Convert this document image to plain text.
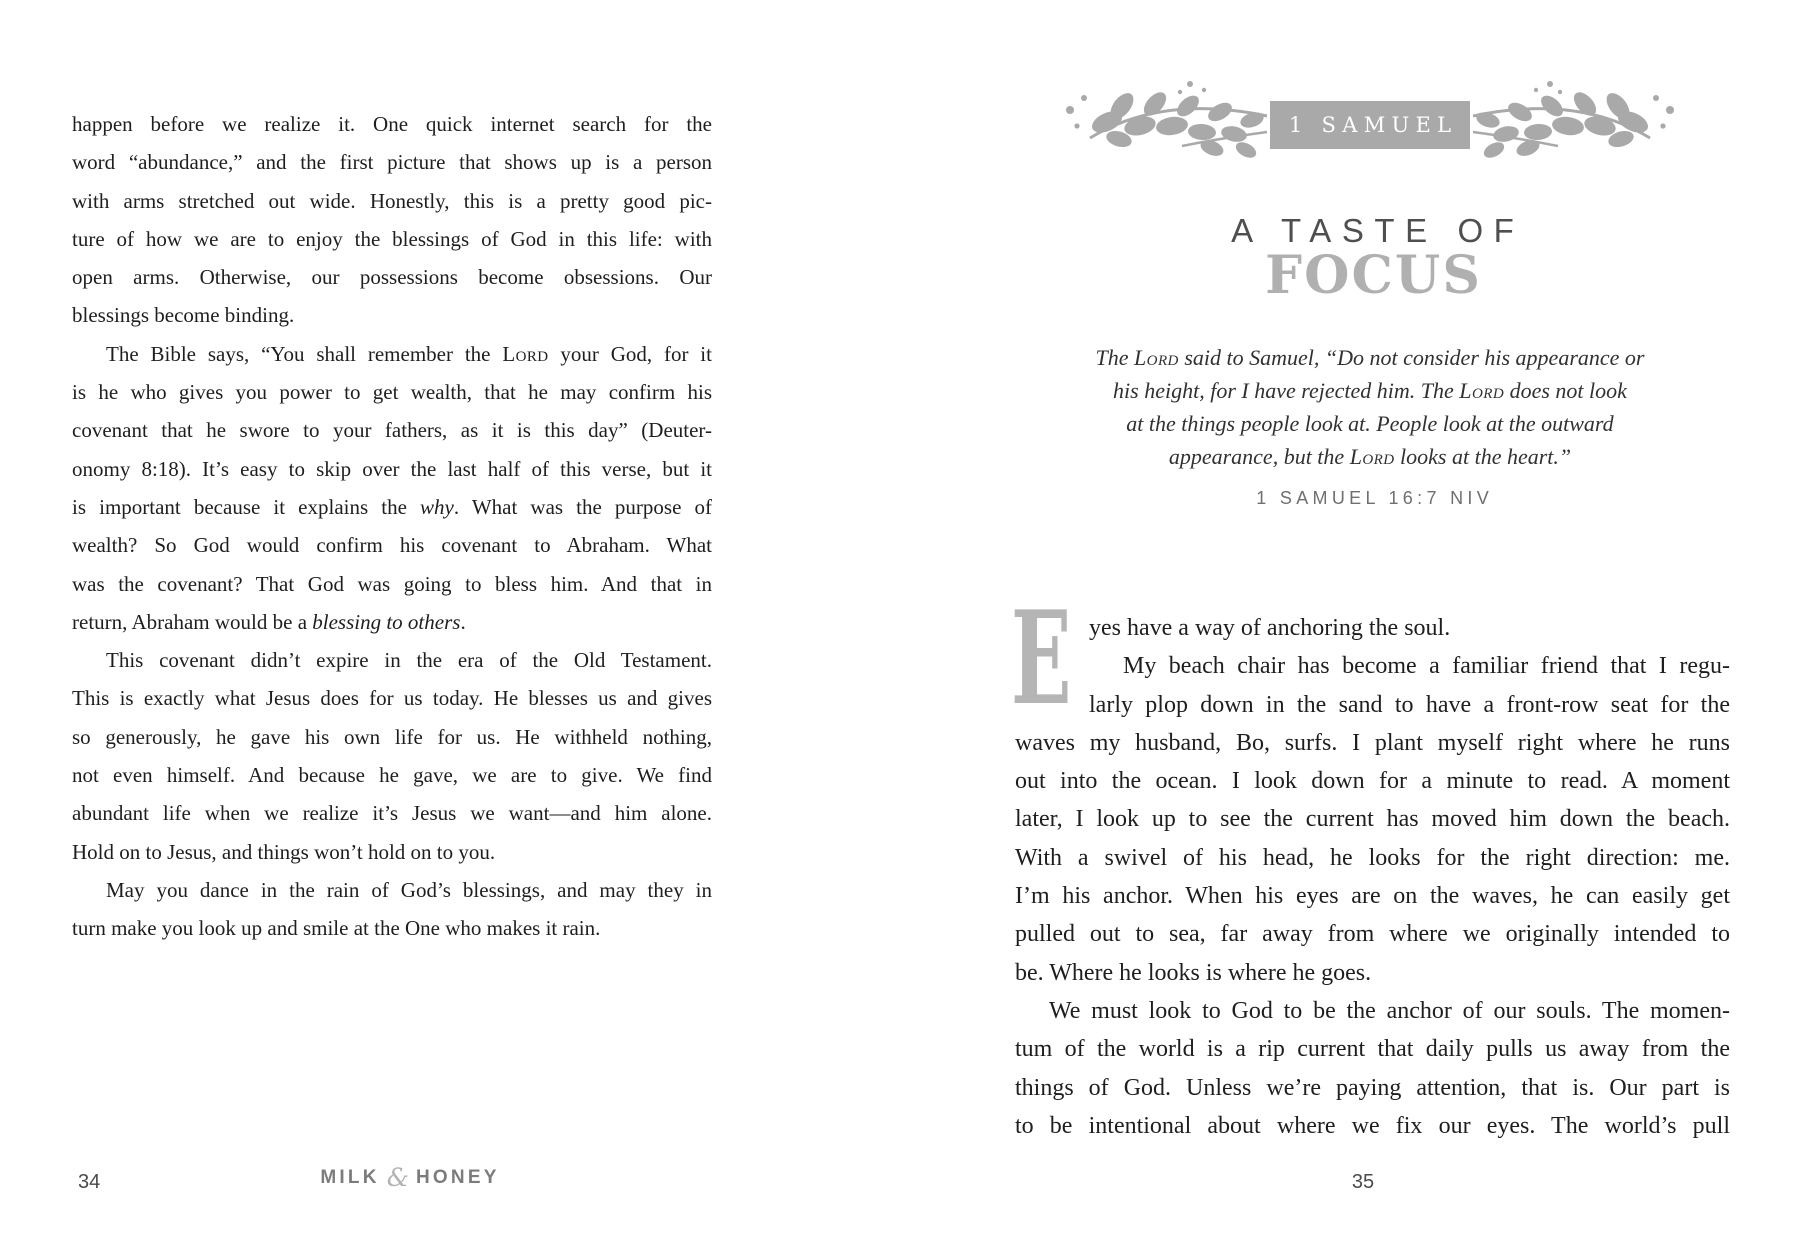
happen before we realize it. One quick internet search for the
word “abundance,” and the first picture that shows up is a person
with arms stretched out wide. Honestly, this is a pretty good pic-
ture of how we are to enjoy the blessings of God in this life: with
open arms. Otherwise, our possessions become obsessions. Our
blessings become binding.
The Bible says, “You shall remember the Lord your God, for it
is he who gives you power to get wealth, that he may confirm his
covenant that he swore to your fathers, as it is this day” (Deuter-
onomy 8:18). It’s easy to skip over the last half of this verse, but it
is important because it explains the why. What was the purpose of
wealth? So God would confirm his covenant to Abraham. What
was the covenant? That God was going to bless him. And that in
return, Abraham would be a blessing to others.
This covenant didn’t expire in the era of the Old Testament.
This is exactly what Jesus does for us today. He blesses us and gives
so generously, he gave his own life for us. He withheld nothing,
not even himself. And because he gave, we are to give. We find
abundant life when we realize it’s Jesus we want—and him alone.
Hold on to Jesus, and things won’t hold on to you.
May you dance in the rain of God’s blessings, and may they in
turn make you look up and smile at the One who makes it rain.
34	MILK & HONEY
1 SAMUEL
A TASTE OF
FOCUS
The Lord said to Samuel, “Do not consider his appearance or
his height, for I have rejected him. The Lord does not look
at the things people look at. People look at the outward
appearance, but the Lord looks at the heart.”
1 SAMUEL 16:7 NIV
E yes have a way of anchoring the soul.
My beach chair has become a familiar friend that I regu-
larly plop down in the sand to have a front-row seat for the
waves my husband, Bo, surfs. I plant myself right where he runs
out into the ocean. I look down for a minute to read. A moment
later, I look up to see the current has moved him down the beach.
With a swivel of his head, he looks for the right direction: me.
I’m his anchor. When his eyes are on the waves, he can easily get
pulled out to sea, far away from where we originally intended to
be. Where he looks is where he goes.
We must look to God to be the anchor of our souls. The momen-
tum of the world is a rip current that daily pulls us away from the
things of God. Unless we’re paying attention, that is. Our part is
to be intentional about where we fix our eyes. The world’s pull
35
